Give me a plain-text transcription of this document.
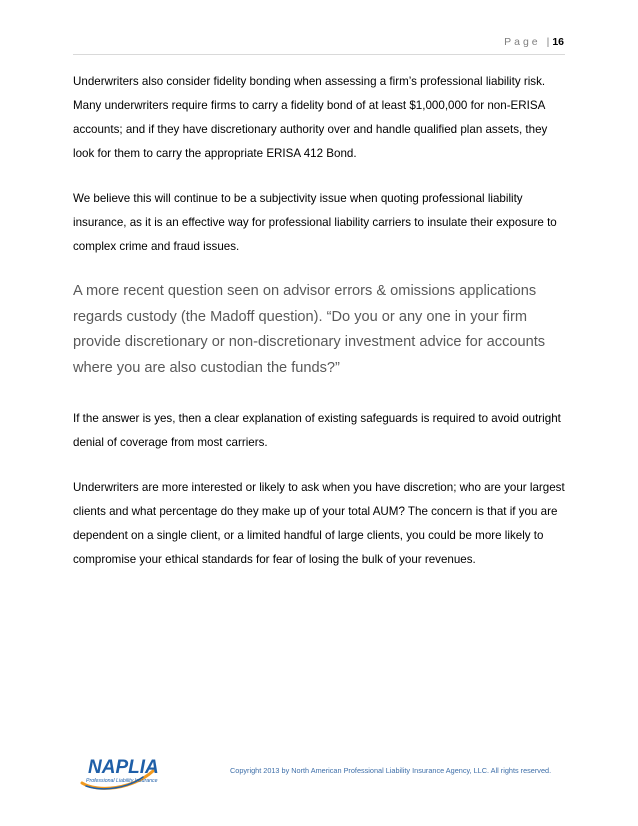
Page | 16

Underwriters also consider fidelity bonding when assessing a firm’s professional liability risk. Many underwriters require firms to carry a fidelity bond of at least $1,000,000 for non-ERISA accounts; and if they have discretionary authority over and handle qualified plan assets, they look for them to carry the appropriate ERISA 412 Bond.

We believe this will continue to be a subjectivity issue when quoting professional liability insurance, as it is an effective way for professional liability carriers to insulate their exposure to complex crime and fraud issues.

A more recent question seen on advisor errors & omissions applications regards custody (the Madoff question). “Do you or any one in your firm provide discretionary or non-discretionary investment advice for accounts where you are also custodian the funds?”

If the answer is yes, then a clear explanation of existing safeguards is required to avoid outright denial of coverage from most carriers.

Underwriters are more interested or likely to ask when you have discretion; who are your largest clients and what percentage do they make up of your total AUM? The concern is that if you are dependent on a single client, or a limited handful of large clients, you could be more likely to compromise your ethical standards for fear of losing the bulk of your revenues.

NAPLIA
Professional Liability Insurance
Copyright 2013 by North American Professional Liability Insurance Agency, LLC. All rights reserved.
